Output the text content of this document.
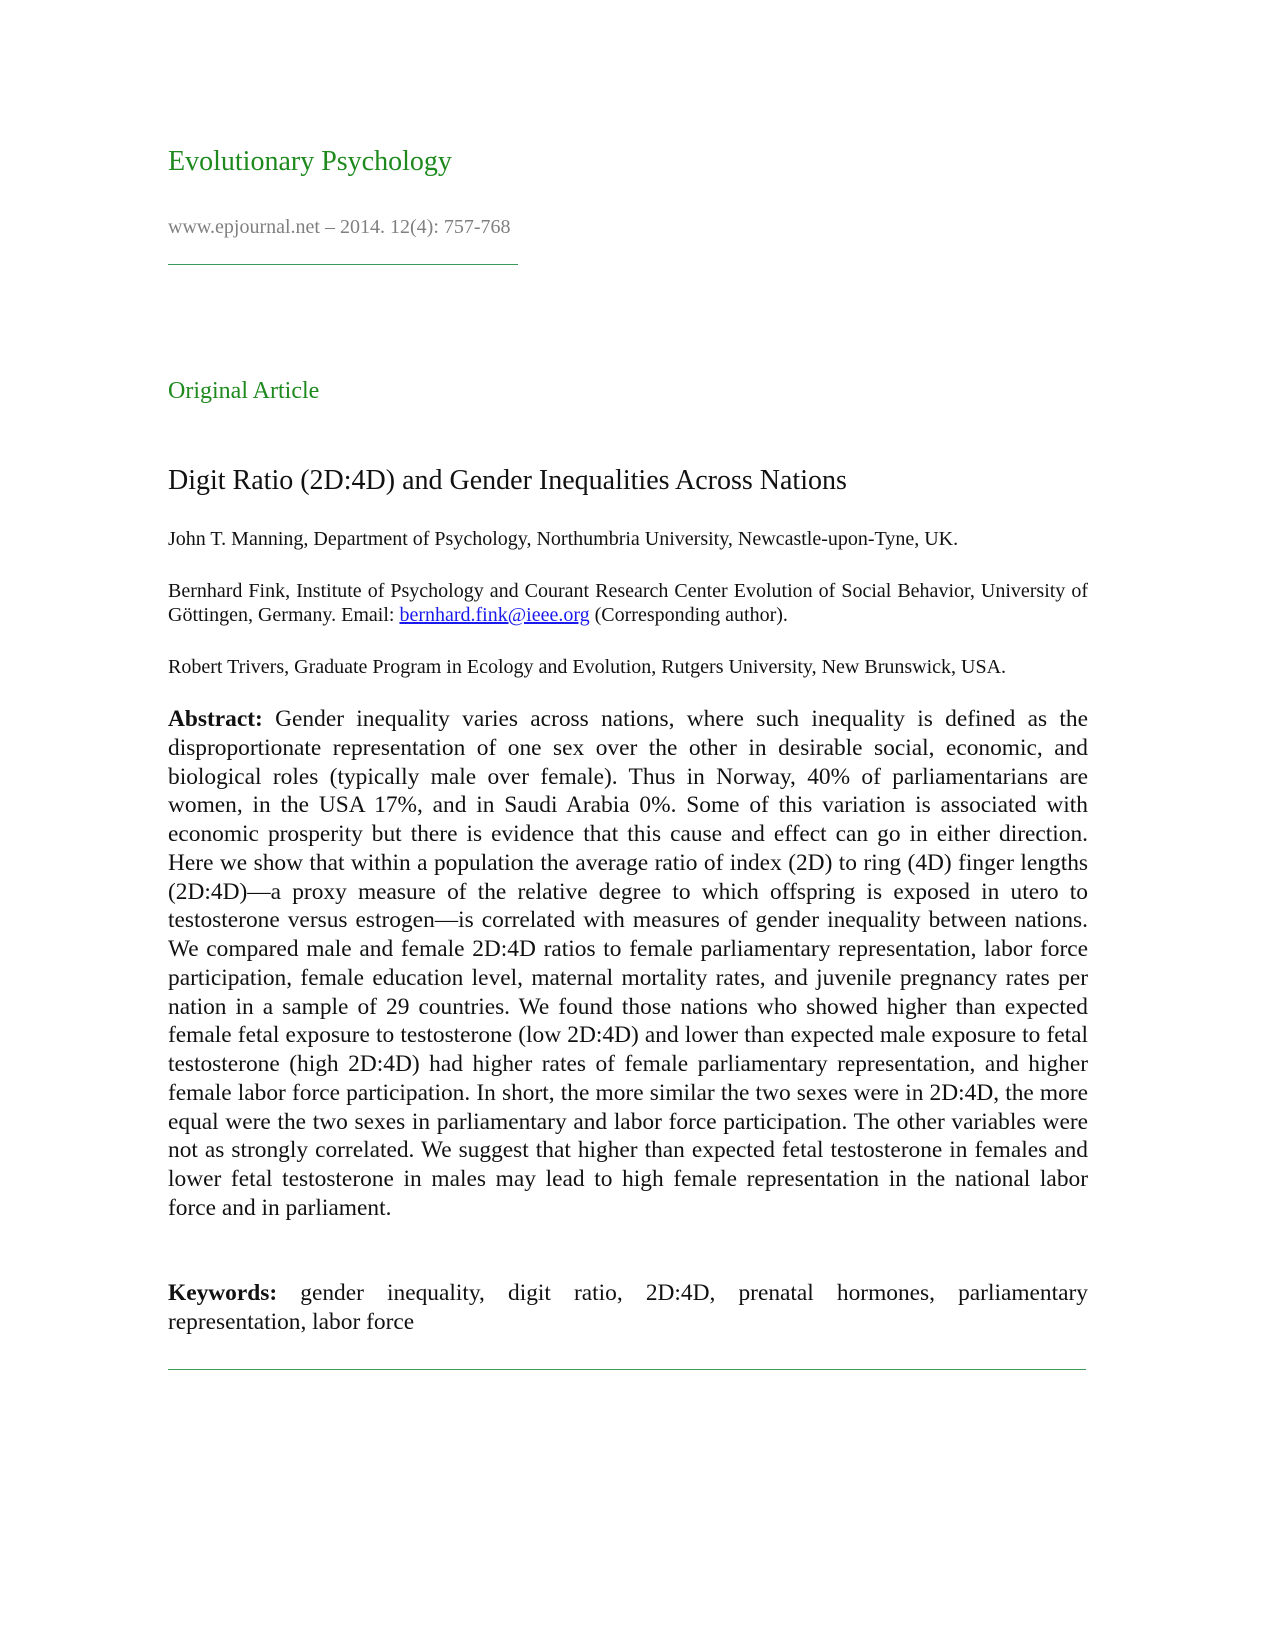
Evolutionary Psychology
www.epjournal.net – 2014. 12(4): 757-768
Original Article
Digit Ratio (2D:4D) and Gender Inequalities Across Nations
John T. Manning, Department of Psychology, Northumbria University, Newcastle-upon-Tyne, UK.
Bernhard Fink, Institute of Psychology and Courant Research Center Evolution of Social Behavior, University of Göttingen, Germany. Email: bernhard.fink@ieee.org (Corresponding author).
Robert Trivers, Graduate Program in Ecology and Evolution, Rutgers University, New Brunswick, USA.
Abstract: Gender inequality varies across nations, where such inequality is defined as the disproportionate representation of one sex over the other in desirable social, economic, and biological roles (typically male over female). Thus in Norway, 40% of parliamentarians are women, in the USA 17%, and in Saudi Arabia 0%. Some of this variation is associated with economic prosperity but there is evidence that this cause and effect can go in either direction. Here we show that within a population the average ratio of index (2D) to ring (4D) finger lengths (2D:4D)—a proxy measure of the relative degree to which offspring is exposed in utero to testosterone versus estrogen—is correlated with measures of gender inequality between nations. We compared male and female 2D:4D ratios to female parliamentary representation, labor force participation, female education level, maternal mortality rates, and juvenile pregnancy rates per nation in a sample of 29 countries. We found those nations who showed higher than expected female fetal exposure to testosterone (low 2D:4D) and lower than expected male exposure to fetal testosterone (high 2D:4D) had higher rates of female parliamentary representation, and higher female labor force participation. In short, the more similar the two sexes were in 2D:4D, the more equal were the two sexes in parliamentary and labor force participation. The other variables were not as strongly correlated. We suggest that higher than expected fetal testosterone in females and lower fetal testosterone in males may lead to high female representation in the national labor force and in parliament.
Keywords: gender inequality, digit ratio, 2D:4D, prenatal hormones, parliamentary representation, labor force
